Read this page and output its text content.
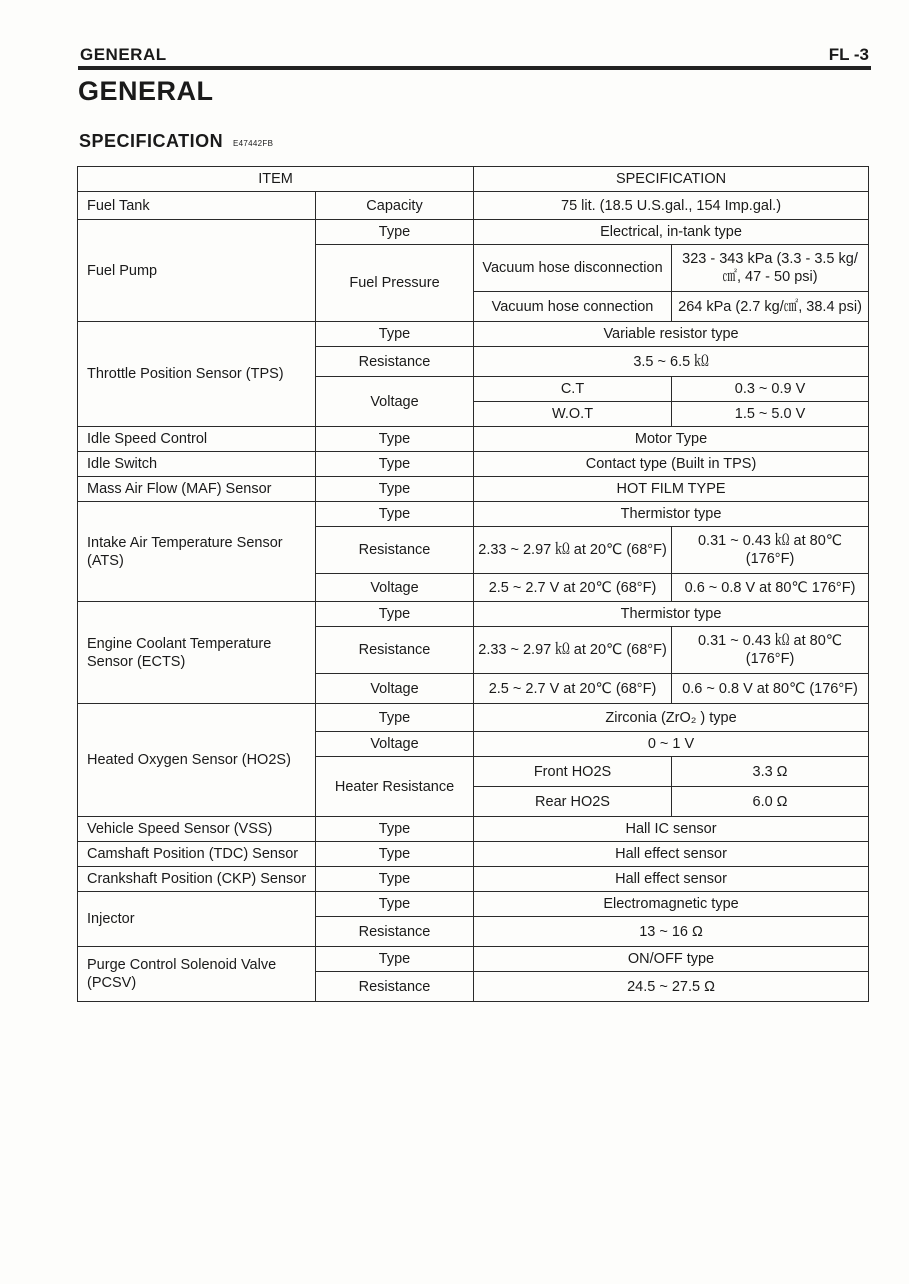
GENERAL	FL -3
GENERAL
SPECIFICATION E47442FB
ITEM		SPECIFICATION	
Fuel Tank	Capacity	75 lit. (18.5 U.S.gal., 154 Imp.gal.)	
Fuel Pump	Type	Electrical, in-tank type	
	Fuel Pressure	Vacuum hose disconnection	323 - 343 kPa (3.3 - 3.5 kg/㎠, 47 - 50 psi)
		Vacuum hose connection	264 kPa (2.7 kg/㎠, 38.4 psi)
Throttle Position Sensor (TPS)	Type	Variable resistor type	
	Resistance	3.5 ~ 6.5 ㏀	
	Voltage	C.T	0.3 ~ 0.9 V
		W.O.T	1.5 ~ 5.0 V
Idle Speed Control	Type	Motor Type	
Idle Switch	Type	Contact type (Built in TPS)	
Mass Air Flow (MAF) Sensor	Type	HOT FILM TYPE	
Intake Air Temperature Sensor (ATS)	Type	Thermistor type	
	Resistance	2.33 ~ 2.97 ㏀ at 20℃ (68°F)	0.31 ~ 0.43 ㏀ at 80℃ (176°F)
	Voltage	2.5 ~ 2.7 V at 20℃ (68°F)	0.6 ~ 0.8 V at 80℃ 176°F)
Engine Coolant Temperature Sensor (ECTS)	Type	Thermistor type	
	Resistance	2.33 ~ 2.97 ㏀ at 20℃ (68°F)	0.31 ~ 0.43 ㏀ at 80℃ (176°F)
	Voltage	2.5 ~ 2.7 V at 20℃ (68°F)	0.6 ~ 0.8 V at 80℃ (176°F)
Heated Oxygen Sensor (HO2S)	Type	Zirconia (ZrO₂ ) type	
	Voltage	0 ~ 1 V	
	Heater Resistance	Front HO2S	3.3 Ω
		Rear HO2S	6.0 Ω
Vehicle Speed Sensor (VSS)	Type	Hall IC sensor	
Camshaft Position (TDC) Sensor	Type	Hall effect sensor	
Crankshaft Position (CKP) Sensor	Type	Hall effect sensor	
Injector	Type	Electromagnetic type	
	Resistance	13 ~ 16 Ω	
Purge Control Solenoid Valve (PCSV)	Type	ON/OFF type	
	Resistance	24.5 ~ 27.5 Ω	
